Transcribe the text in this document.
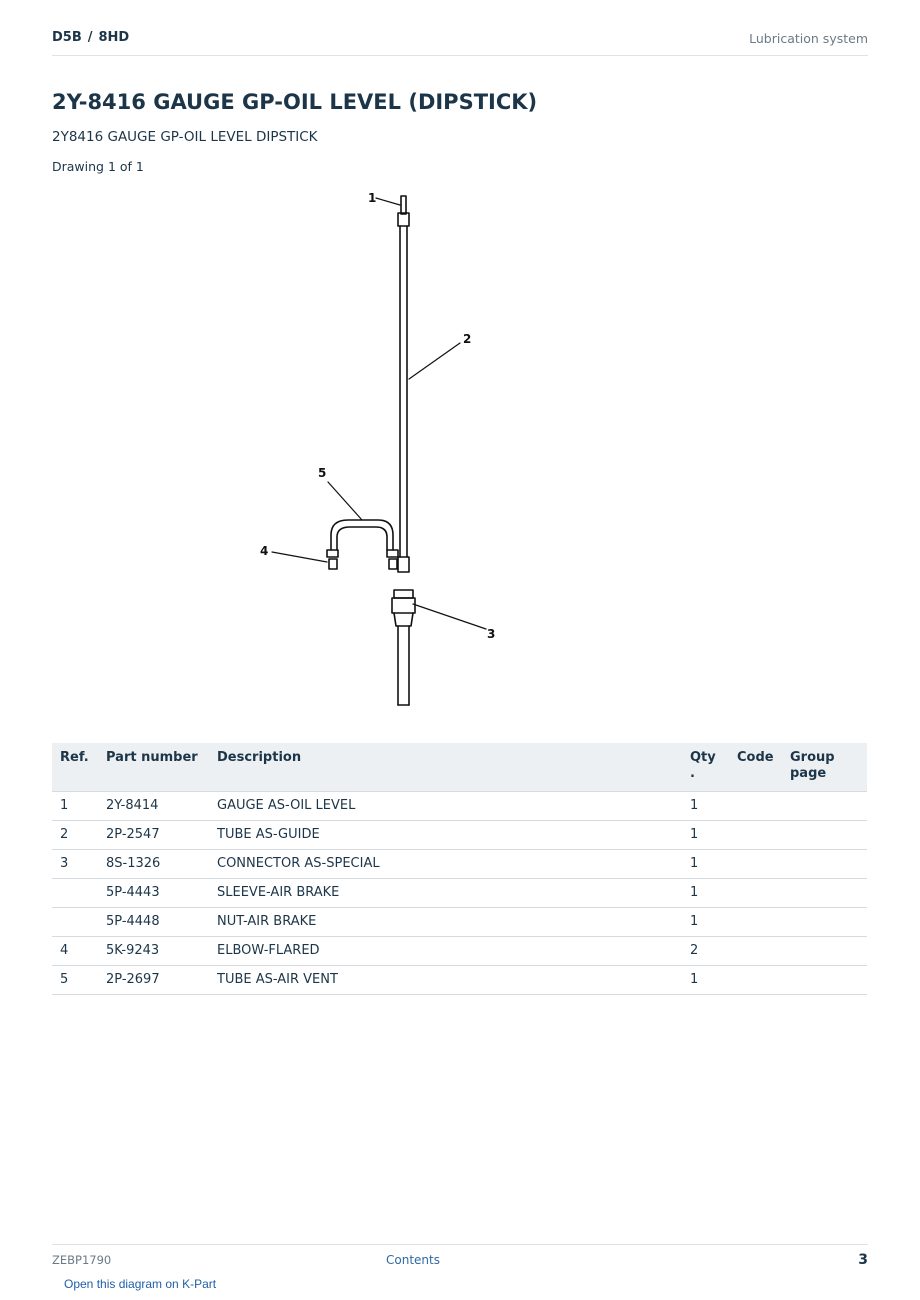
D5B / 8HD	Lubrication system
2Y-8416 GAUGE GP-OIL LEVEL (DIPSTICK)
2Y8416 GAUGE GP-OIL LEVEL DIPSTICK
Drawing 1 of 1
1
2
3
4
5
Ref.	Part number	Description	Qty .	Code	Group page
1	2Y-8414	GAUGE AS-OIL LEVEL	1		
2	2P-2547	TUBE AS-GUIDE	1		
3	8S-1326	CONNECTOR AS-SPECIAL	1		
	5P-4443	SLEEVE-AIR BRAKE	1		
	5P-4448	NUT-AIR BRAKE	1		
4	5K-9243	ELBOW-FLARED	2		
5	2P-2697	TUBE AS-AIR VENT	1		
ZEBP1790	Contents	3
Open this diagram on K-Part
